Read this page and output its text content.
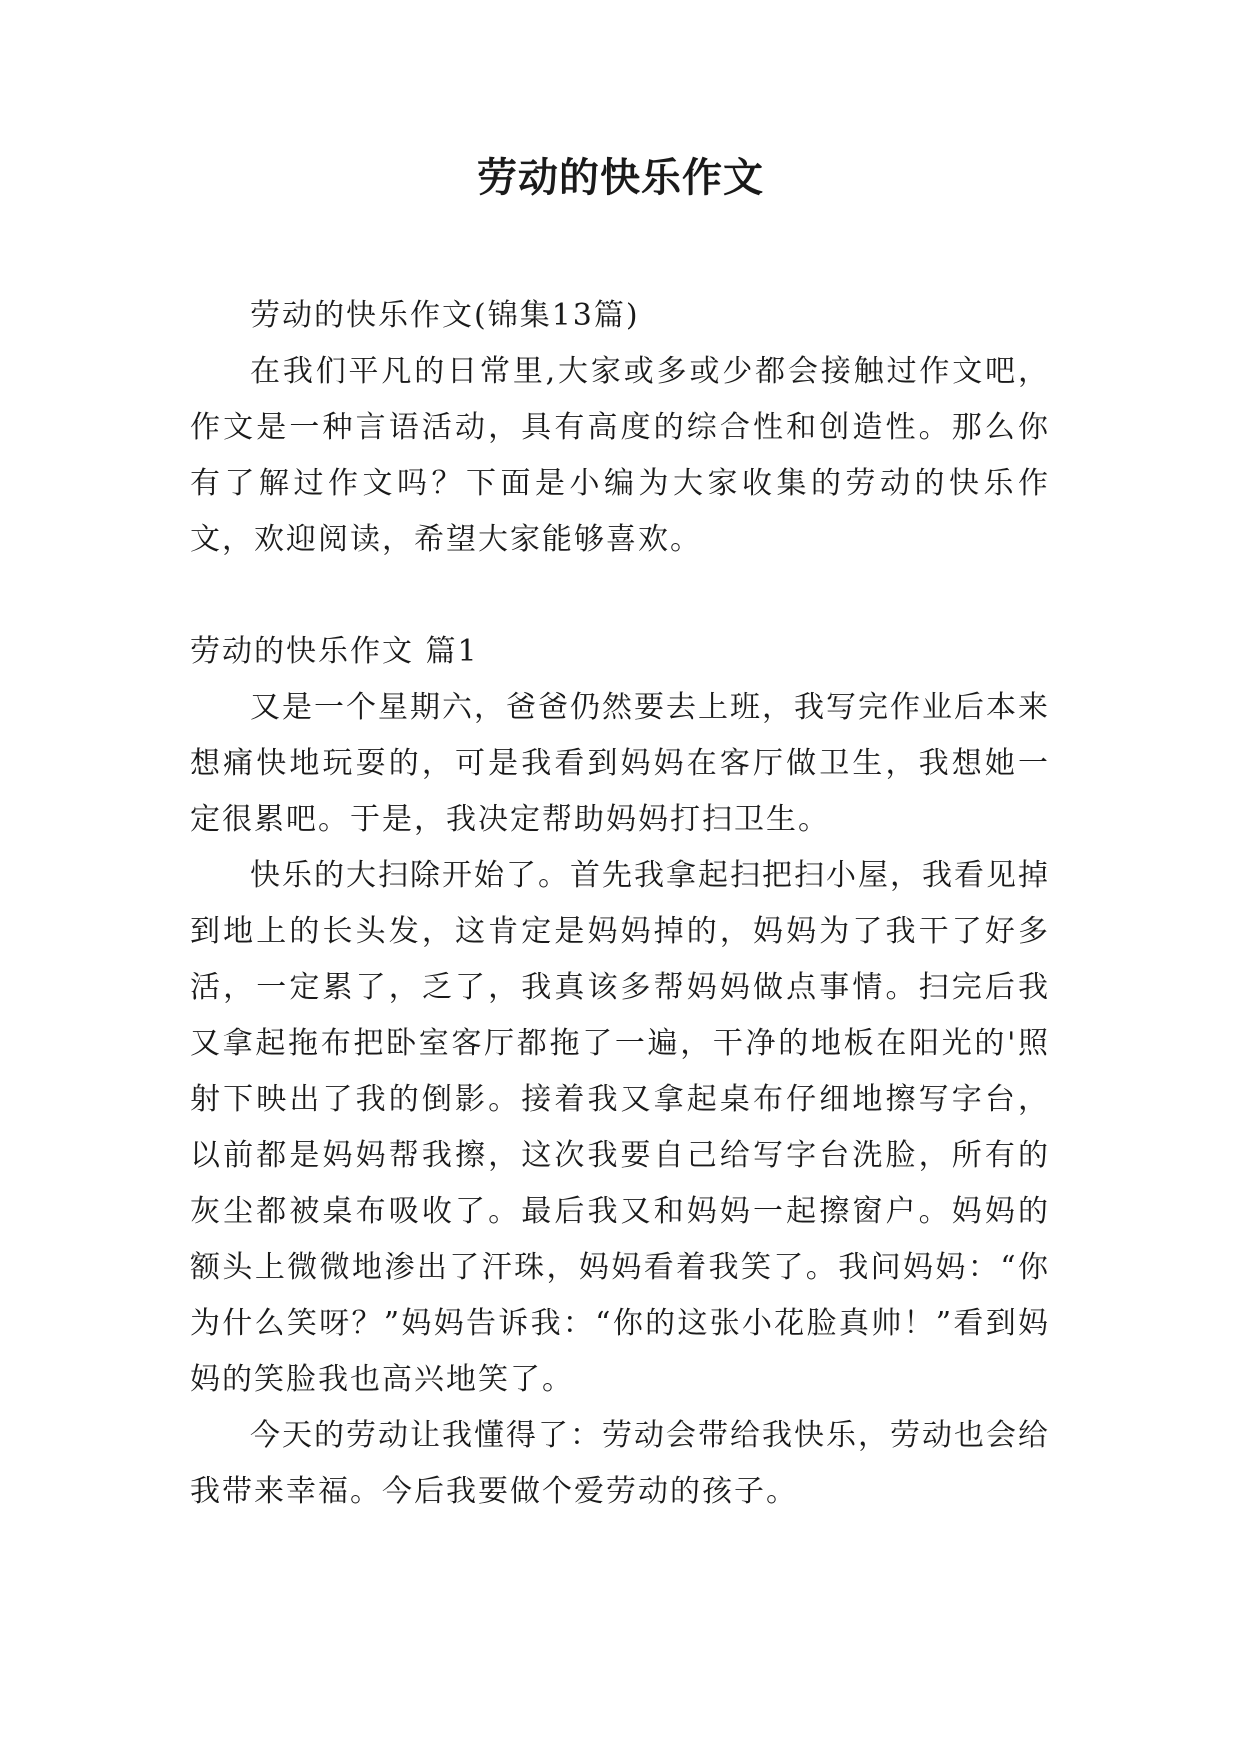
劳动的快乐作文

劳动的快乐作文(锦集13篇)

在我们平凡的日常里,大家或多或少都会接触过作文吧，作文是一种言语活动，具有高度的综合性和创造性。那么你有了解过作文吗？下面是小编为大家收集的劳动的快乐作文，欢迎阅读，希望大家能够喜欢。

劳动的快乐作文 篇1

又是一个星期六，爸爸仍然要去上班，我写完作业后本来想痛快地玩耍的，可是我看到妈妈在客厅做卫生，我想她一定很累吧。于是，我决定帮助妈妈打扫卫生。

快乐的大扫除开始了。首先我拿起扫把扫小屋，我看见掉到地上的长头发，这肯定是妈妈掉的，妈妈为了我干了好多活，一定累了，乏了，我真该多帮妈妈做点事情。扫完后我又拿起拖布把卧室客厅都拖了一遍，干净的地板在阳光的'照射下映出了我的倒影。接着我又拿起桌布仔细地擦写字台，以前都是妈妈帮我擦，这次我要自己给写字台洗脸，所有的灰尘都被桌布吸收了。最后我又和妈妈一起擦窗户。妈妈的额头上微微地渗出了汗珠，妈妈看着我笑了。我问妈妈：“你为什么笑呀？”妈妈告诉我：“你的这张小花脸真帅！”看到妈妈的笑脸我也高兴地笑了。

今天的劳动让我懂得了：劳动会带给我快乐，劳动也会给我带来幸福。今后我要做个爱劳动的孩子。
